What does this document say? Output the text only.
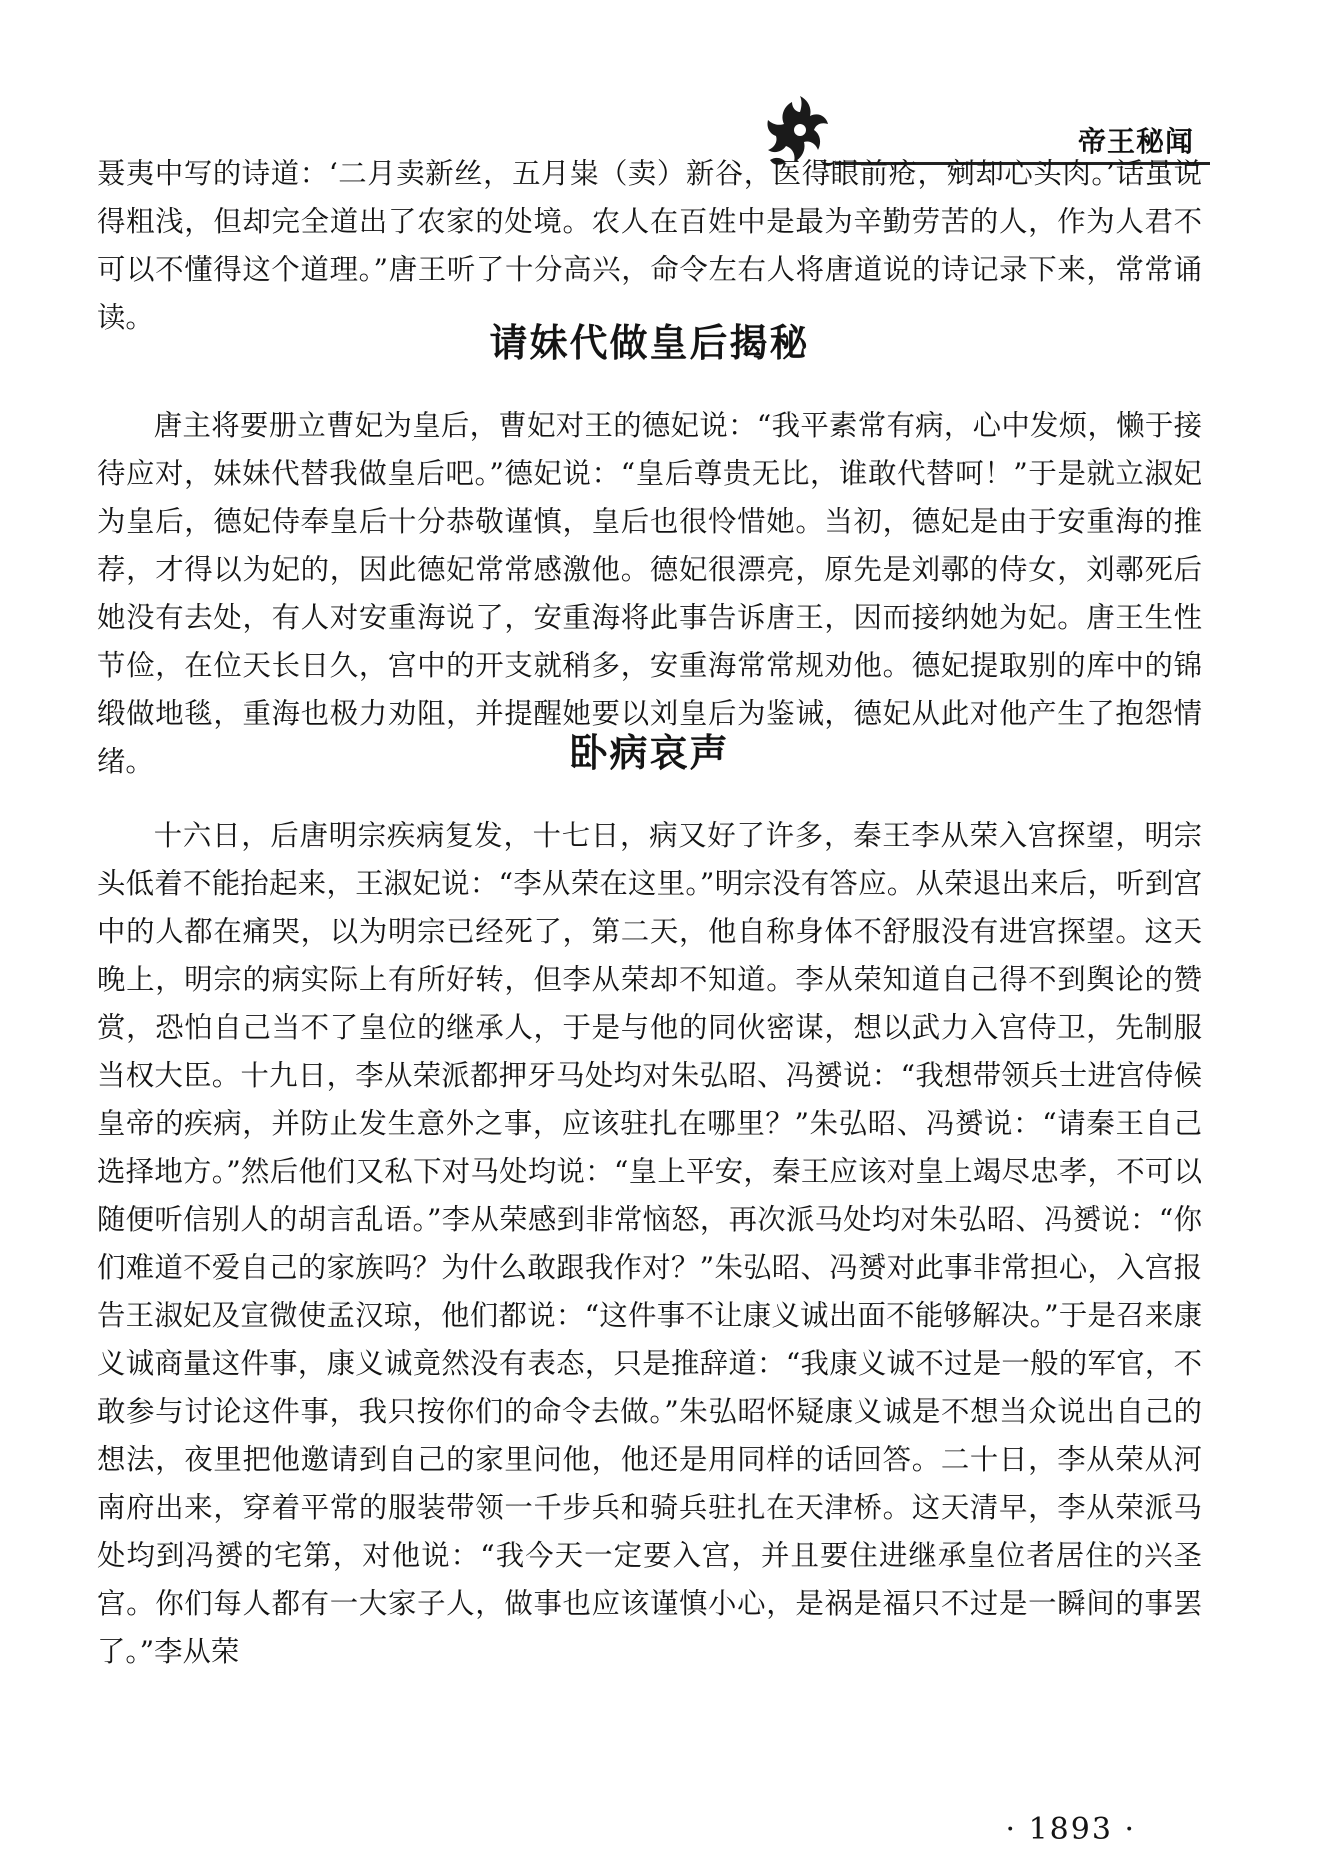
帝王秘闻

聂夷中写的诗道：‘二月卖新丝，五月粜（卖）新谷，医得眼前疮，剜却心头肉。’话虽说得粗浅，但却完全道出了农家的处境。农人在百姓中是最为辛勤劳苦的人，作为人君不可以不懂得这个道理。”唐王听了十分高兴，命令左右人将唐道说的诗记录下来，常常诵读。

请妹代做皇后揭秘

唐主将要册立曹妃为皇后，曹妃对王的德妃说：“我平素常有病，心中发烦，懒于接待应对，妹妹代替我做皇后吧。”德妃说：“皇后尊贵无比，谁敢代替呵！”于是就立淑妃为皇后，德妃侍奉皇后十分恭敬谨慎，皇后也很怜惜她。当初，德妃是由于安重海的推荐，才得以为妃的，因此德妃常常感激他。德妃很漂亮，原先是刘鄩的侍女，刘鄩死后她没有去处，有人对安重海说了，安重海将此事告诉唐王，因而接纳她为妃。唐王生性节俭，在位天长日久，宫中的开支就稍多，安重海常常规劝他。德妃提取别的库中的锦缎做地毯，重海也极力劝阻，并提醒她要以刘皇后为鉴诫，德妃从此对他产生了抱怨情绪。	卧病哀声

十六日，后唐明宗疾病复发，十七日，病又好了许多，秦王李从荣入宫探望，明宗头低着不能抬起来，王淑妃说：“李从荣在这里。”明宗没有答应。从荣退出来后，听到宫中的人都在痛哭，以为明宗已经死了，第二天，他自称身体不舒服没有进宫探望。这天晚上，明宗的病实际上有所好转，但李从荣却不知道。李从荣知道自己得不到舆论的赞赏，恐怕自己当不了皇位的继承人，于是与他的同伙密谋，想以武力入宫侍卫，先制服当权大臣。十九日，李从荣派都押牙马处均对朱弘昭、冯赟说：“我想带领兵士进宫侍候皇帝的疾病，并防止发生意外之事，应该驻扎在哪里？”朱弘昭、冯赟说：“请秦王自己选择地方。”然后他们又私下对马处均说：“皇上平安，秦王应该对皇上竭尽忠孝，不可以随便听信别人的胡言乱语。”李从荣感到非常恼怒，再次派马处均对朱弘昭、冯赟说：“你们难道不爱自己的家族吗？为什么敢跟我作对？”朱弘昭、冯赟对此事非常担心，入宫报告王淑妃及宣微使孟汉琼，他们都说：“这件事不让康义诚出面不能够解决。”于是召来康义诚商量这件事，康义诚竟然没有表态，只是推辞道：“我康义诚不过是一般的军官，不敢参与讨论这件事，我只按你们的命令去做。”朱弘昭怀疑康义诚是不想当众说出自己的想法，夜里把他邀请到自己的家里问他，他还是用同样的话回答。二十日，李从荣从河南府出来，穿着平常的服装带领一千步兵和骑兵驻扎在天津桥。这天清早，李从荣派马处均到冯赟的宅第，对他说：“我今天一定要入宫，并且要住进继承皇位者居住的兴圣宫。你们每人都有一大家子人，做事也应该谨慎小心，是祸是福只不过是一瞬间的事罢了。”李从荣

· 1893 ·
